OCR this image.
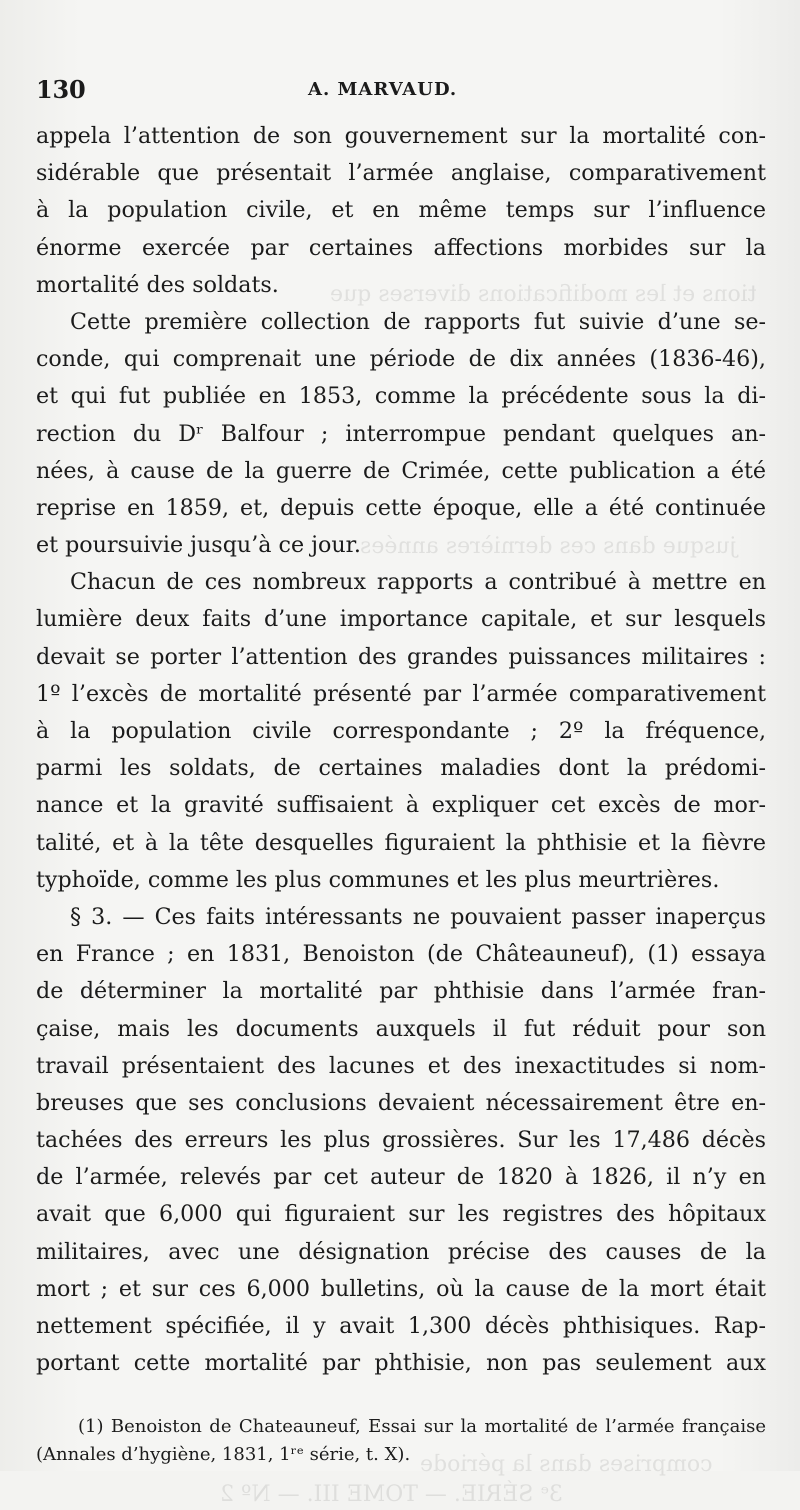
tions et les modifications diverses que
jusque dans ces dernières années
comprises dans la période
3ᵉ SÉRIE. — TOME III. — Nº 2
130	A. MARVAUD.
appela l’attention de son gouvernement sur la mortalité con-
sidérable que présentait l’armée anglaise, comparativement
à la population civile, et en même temps sur l’influence
énorme exercée par certaines affections morbides sur la
mortalité des soldats.
Cette première collection de rapports fut suivie d’une se-
conde, qui comprenait une période de dix années (1836-46),
et qui fut publiée en 1853, comme la précédente sous la di-
rection du Dʳ Balfour ; interrompue pendant quelques an-
nées, à cause de la guerre de Crimée, cette publication a été
reprise en 1859, et, depuis cette époque, elle a été continuée
et poursuivie jusqu’à ce jour.
Chacun de ces nombreux rapports a contribué à mettre en
lumière deux faits d’une importance capitale, et sur lesquels
devait se porter l’attention des grandes puissances militaires :
1º l’excès de mortalité présenté par l’armée comparativement
à la population civile correspondante ; 2º la fréquence,
parmi les soldats, de certaines maladies dont la prédomi-
nance et la gravité suffisaient à expliquer cet excès de mor-
talité, et à la tête desquelles figuraient la phthisie et la fièvre
typhoïde, comme les plus communes et les plus meurtrières.
§ 3. — Ces faits intéressants ne pouvaient passer inaperçus
en France ; en 1831, Benoiston (de Châteauneuf), (1) essaya
de déterminer la mortalité par phthisie dans l’armée fran-
çaise, mais les documents auxquels il fut réduit pour son
travail présentaient des lacunes et des inexactitudes si nom-
breuses que ses conclusions devaient nécessairement être en-
tachées des erreurs les plus grossières. Sur les 17,486 décès
de l’armée, relevés par cet auteur de 1820 à 1826, il n’y en
avait que 6,000 qui figuraient sur les registres des hôpitaux
militaires, avec une désignation précise des causes de la
mort ; et sur ces 6,000 bulletins, où la cause de la mort était
nettement spécifiée, il y avait 1,300 décès phthisiques. Rap-
portant cette mortalité par phthisie, non pas seulement aux
(1) Benoiston de Chateauneuf, Essai sur la mortalité de l’armée française
(Annales d’hygiène, 1831, 1ʳᵉ série, t. X).
